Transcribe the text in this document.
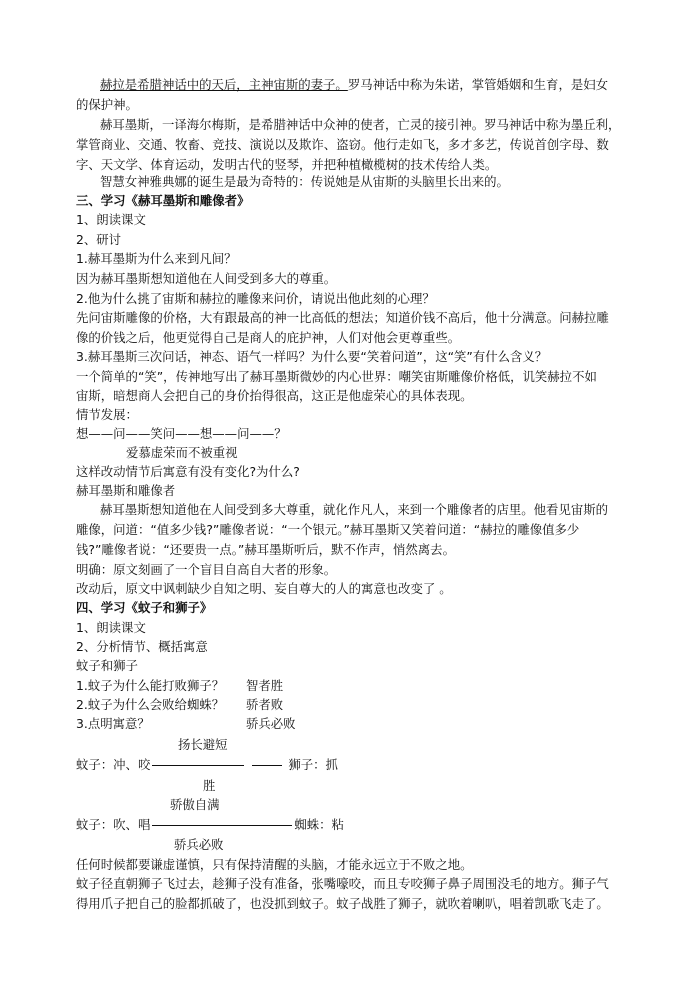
赫拉是希腊神话中的天后，主神宙斯的妻子。罗马神话中称为朱诺，掌管婚姻和生育，是妇女
的保护神。
赫耳墨斯，一译海尔梅斯，是希腊神话中众神的使者，亡灵的接引神。罗马神话中称为墨丘利，
掌管商业、交通、牧畜、竞技、演说以及欺诈、盗窃。他行走如飞，多才多艺，传说首创字母、数
字、天文学、体育运动，发明古代的竖琴，并把种植橄榄树的技术传给人类。
智慧女神雅典娜的诞生是最为奇特的：传说她是从宙斯的头脑里长出来的。
三、学习《赫耳墨斯和雕像者》
1、朗读课文
2、研讨
1.赫耳墨斯为什么来到凡间？
因为赫耳墨斯想知道他在人间受到多大的尊重。
2.他为什么挑了宙斯和赫拉的雕像来问价，请说出他此刻的心理？
先问宙斯雕像的价格，大有跟最高的神一比高低的想法；知道价钱不高后，他十分满意。问赫拉雕
像的价钱之后，他更觉得自己是商人的庇护神，人们对他会更尊重些。
3.赫耳墨斯三次问话，神态、语气一样吗？为什么要“笑着问道”，这“笑”有什么含义？
一个简单的“笑”，传神地写出了赫耳墨斯微妙的内心世界：嘲笑宙斯雕像价格低，讥笑赫拉不如
宙斯，暗想商人会把自己的身价抬得很高，这正是他虚荣心的具体表现。
情节发展：
想——问——笑问——想——问——？
爱慕虚荣而不被重视
这样改动情节后寓意有没有变化?为什么?
赫耳墨斯和雕像者
赫耳墨斯想知道他在人间受到多大尊重，就化作凡人，来到一个雕像者的店里。他看见宙斯的
雕像，问道：“值多少钱?”雕像者说：“一个银元。”赫耳墨斯又笑着问道：“赫拉的雕像值多少
钱?”雕像者说：“还要贵一点。”赫耳墨斯听后，默不作声，悄然离去。
明确：原文刻画了一个盲目自高自大者的形象。
改动后，原文中讽刺缺少自知之明、妄自尊大的人的寓意也改变了 。
四、学习《蚊子和狮子》
1、朗读课文
2、分析情节、概括寓意
蚊子和狮子
1.蚊子为什么能打败狮子？ 智者胜
2.蚊子为什么会败给蜘蛛？ 骄者败
3.点明寓意？	骄兵必败
扬长避短
蚊子：冲、咬	狮子：抓
胜
骄傲自满
蚊子：吹、唱	蜘蛛：粘
骄兵必败
任何时候都要谦虚谨慎，只有保持清醒的头脑，才能永远立于不败之地。
蚊子径直朝狮子飞过去，趁狮子没有准备，张嘴嚎咬，而且专咬狮子鼻子周围没毛的地方。狮子气
得用爪子把自己的脸都抓破了，也没抓到蚊子。蚊子战胜了狮子，就吹着喇叭，唱着凯歌飞走了。
